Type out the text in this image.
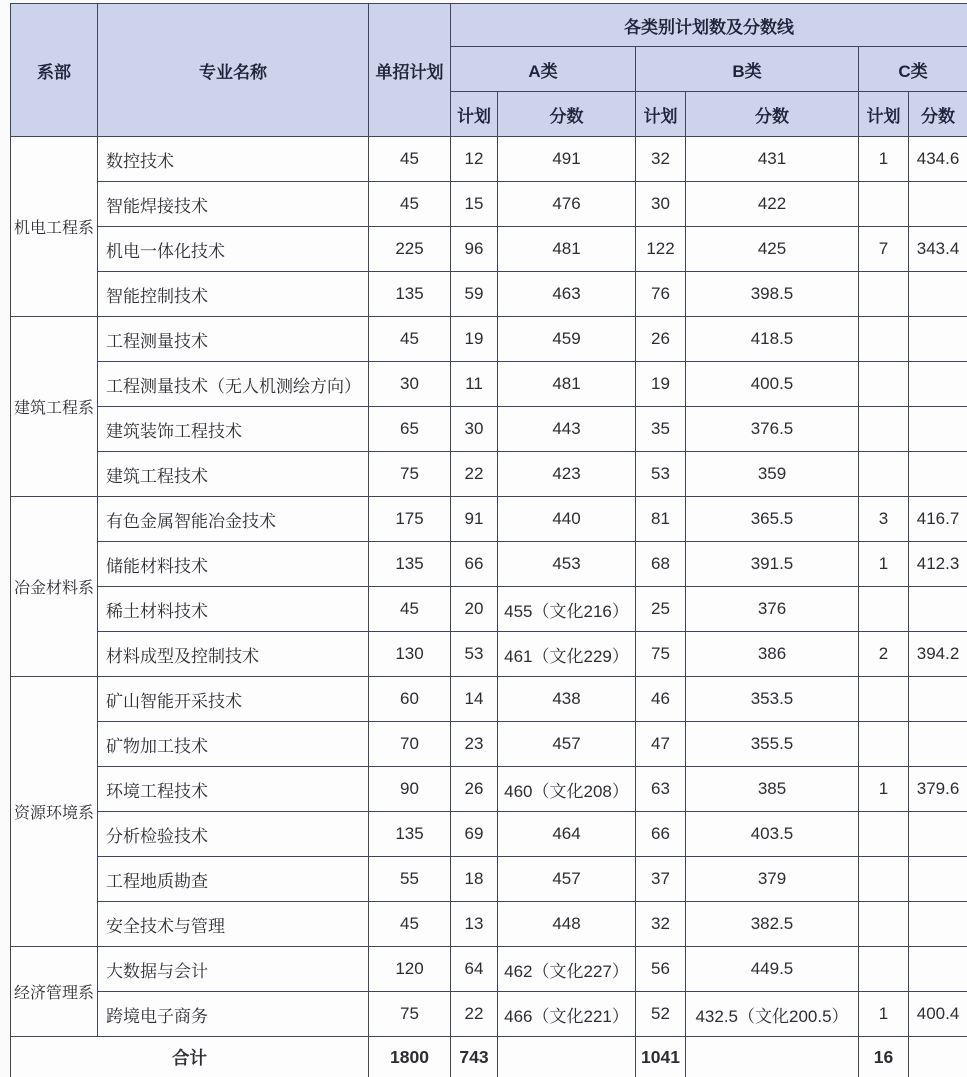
系部	专业名称	单招计划	各类别计划数及分数线					
			A类		B类		C类	
			计划	分数	计划	分数	计划	分数
机电工程系	数控技术	45	12	491	32	431	1	434.6
	智能焊接技术	45	15	476	30	422		
	机电一体化技术	225	96	481	122	425	7	343.4
	智能控制技术	135	59	463	76	398.5		
建筑工程系	工程测量技术	45	19	459	26	418.5		
	工程测量技术（无人机测绘方向）	30	11	481	19	400.5		
	建筑装饰工程技术	65	30	443	35	376.5		
	建筑工程技术	75	22	423	53	359		
冶金材料系	有色金属智能冶金技术	175	91	440	81	365.5	3	416.7
	储能材料技术	135	66	453	68	391.5	1	412.3
	稀土材料技术	45	20	455（文化216）	25	376		
	材料成型及控制技术	130	53	461（文化229）	75	386	2	394.2
资源环境系	矿山智能开采技术	60	14	438	46	353.5		
	矿物加工技术	70	23	457	47	355.5		
	环境工程技术	90	26	460（文化208）	63	385	1	379.6
	分析检验技术	135	69	464	66	403.5		
	工程地质勘查	55	18	457	37	379		
	安全技术与管理	45	13	448	32	382.5		
经济管理系	大数据与会计	120	64	462（文化227）	56	449.5		
	跨境电子商务	75	22	466（文化221）	52	432.5（文化200.5）	1	400.4
合计		1800	743		1041		16	
